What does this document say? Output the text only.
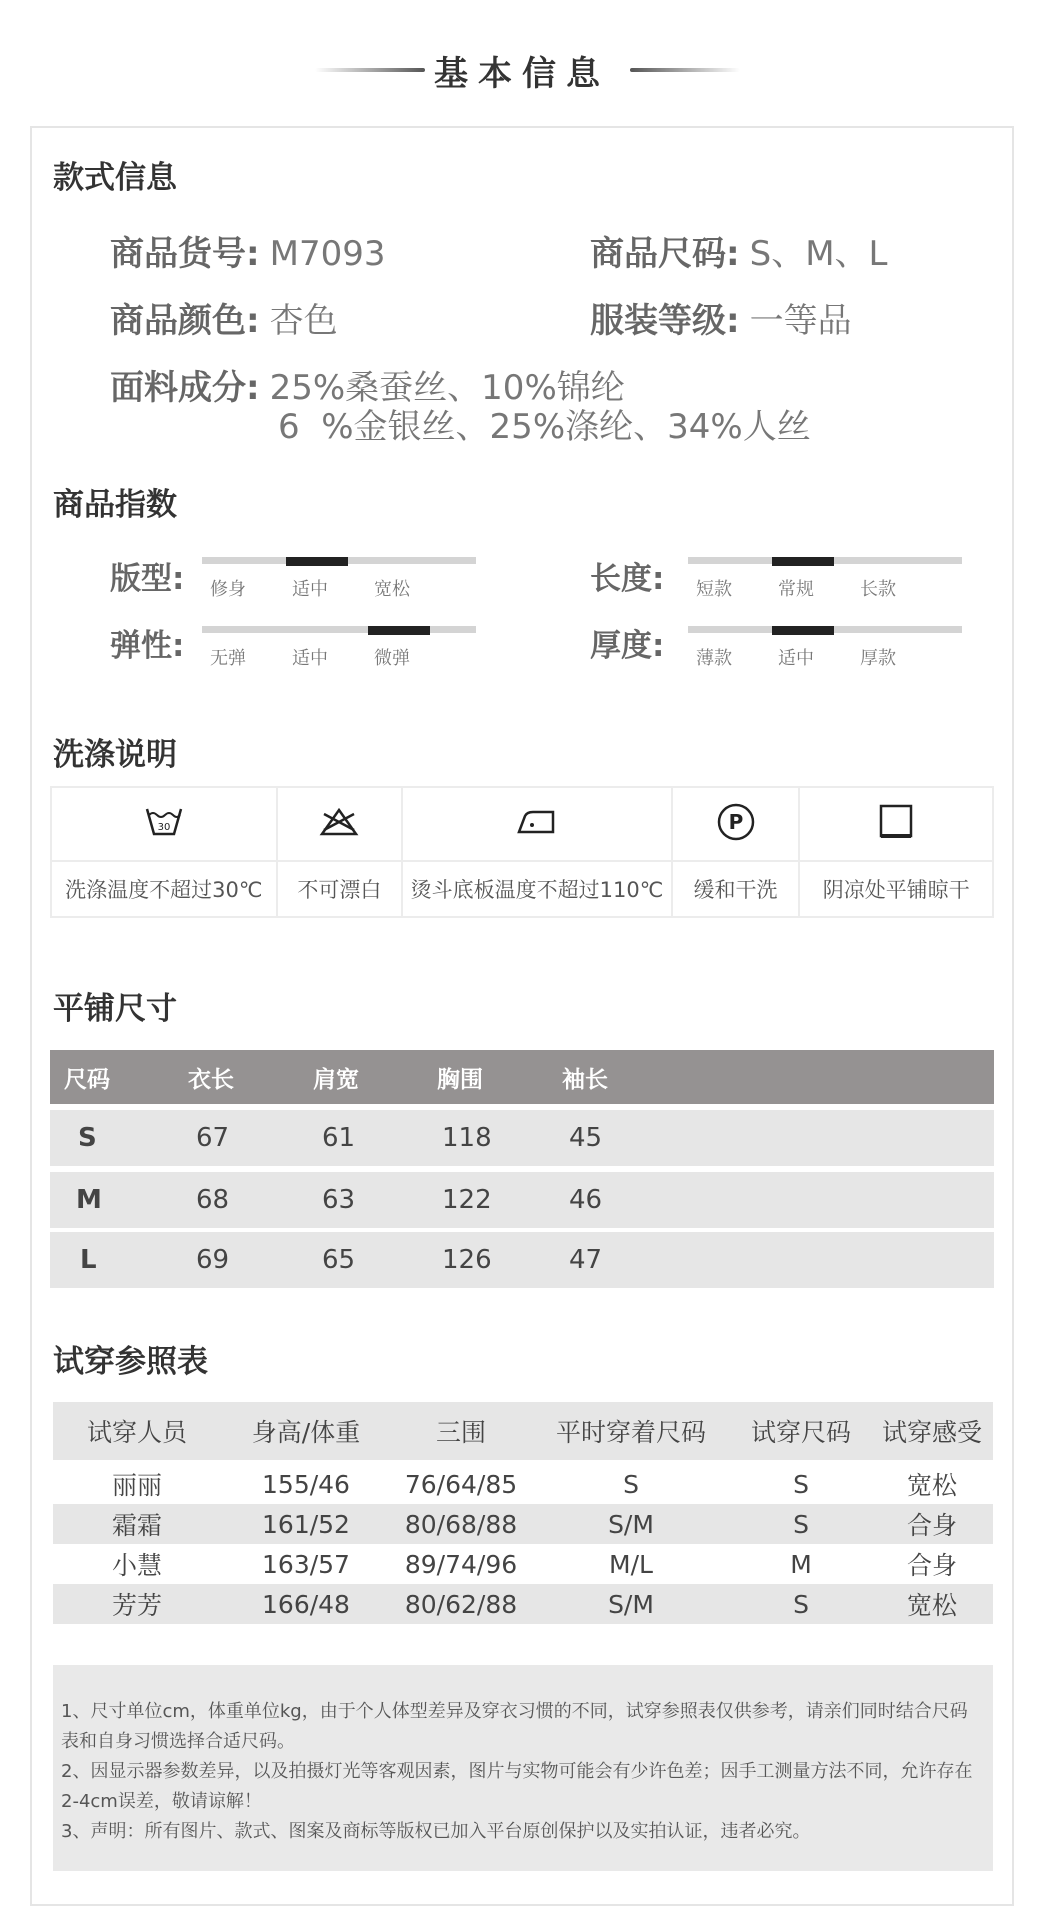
基本信息
款式信息
商品货号: M7093	商品尺码: S、M、L
商品颜色: 杏色	服装等级: 一等品
面料成分: 25%桑蚕丝、10%锦纶
6  %金银丝、25%涤纶、34%人丝
商品指数
版型:	修身	适中	宽松	长度:	短款	常规	长款
弹性:	无弹	适中	微弹	厚度:	薄款	适中	厚款
洗涤说明
30			P

洗涤温度不超过30℃	不可漂白	烫斗底板温度不超过110℃	缓和干洗	阴凉处平铺晾干
平铺尺寸
尺码	衣长	肩宽	胸围	袖长
S	67	61	118	45
M	68	63	122	46
L	69	65	126	47
试穿参照表
试穿人员	身高/体重	三围	平时穿着尺码	试穿尺码	试穿感受
丽丽	155/46	76/64/85	S	S	宽松
霜霜	161/52	80/68/88	S/M	S	合身
小慧	163/57	89/74/96	M/L	M	合身
芳芳	166/48	80/62/88	S/M	S	宽松

1、尺寸单位cm，体重单位kg，由于个人体型差异及穿衣习惯的不同，试穿参照表仅供参考，请亲们同时结合尺码表和自身习惯选择合适尺码。

2、因显示器参数差异，以及拍摄灯光等客观因素，图片与实物可能会有少许色差；因手工测量方法不同，允许存在2-4cm误差，敬请谅解！

3、声明：所有图片、款式、图案及商标等版权已加入平台原创保护以及实拍认证，违者必究。
